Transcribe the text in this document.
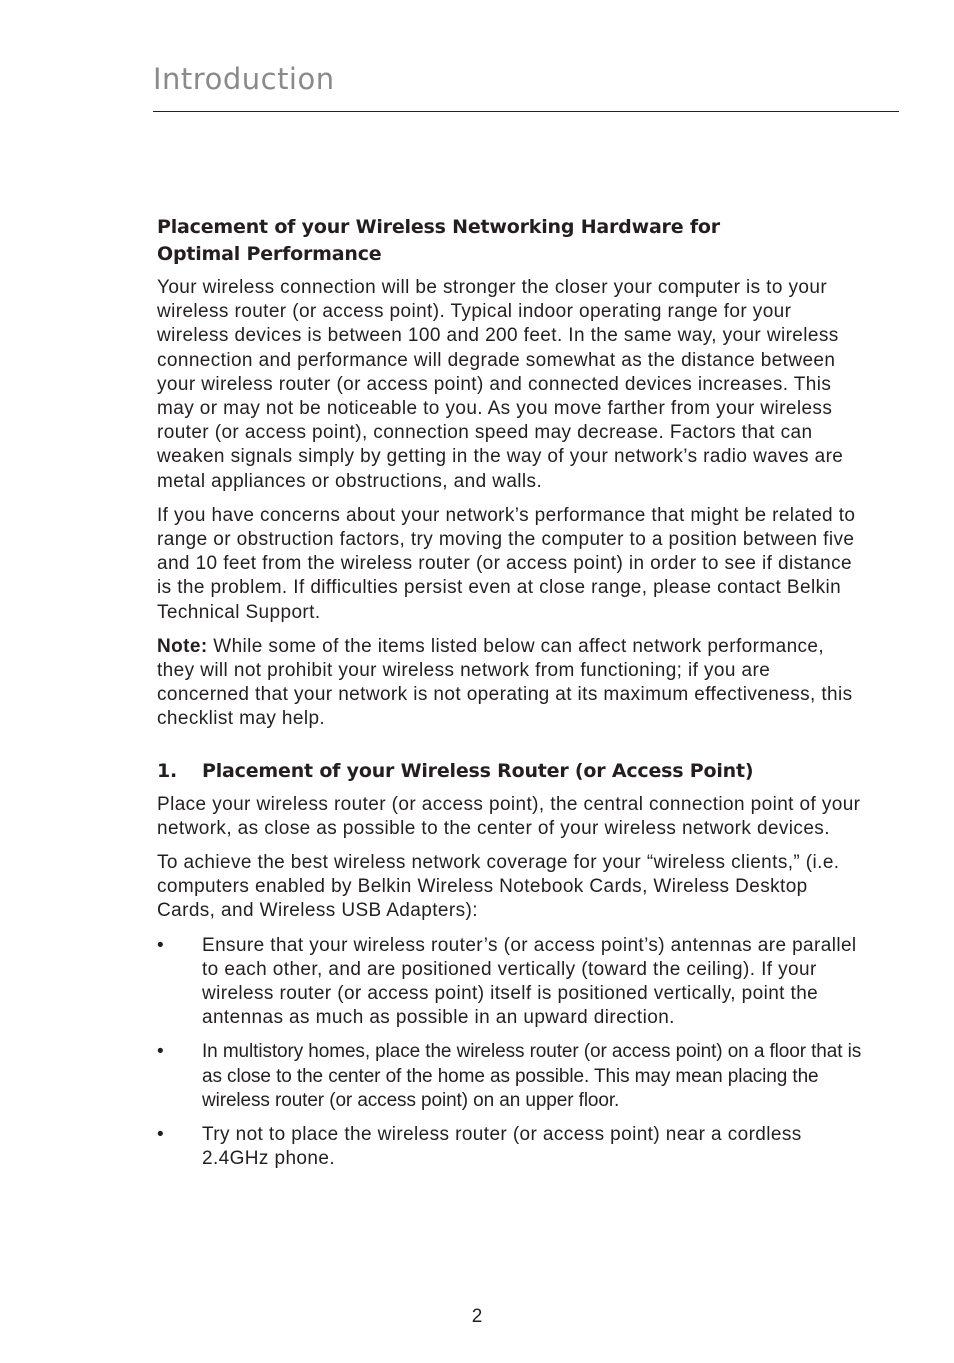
Introduction
Placement of your Wireless Networking Hardware for
Optimal Performance

Your wireless connection will be stronger the closer your computer is to your wireless router (or access point). Typical indoor operating range for your wireless devices is between 100 and 200 feet. In the same way, your wireless connection and performance will degrade somewhat as the distance between your wireless router (or access point) and connected devices increases. This may or may not be noticeable to you. As you move farther from your wireless router (or access point), connection speed may decrease. Factors that can weaken signals simply by getting in the way of your network’s radio waves are metal appliances or obstructions, and walls.

If you have concerns about your network’s performance that might be related to range or obstruction factors, try moving the computer to a position between five and 10 feet from the wireless router (or access point) in order to see if distance is the problem. If difficulties persist even at close range, please contact Belkin Technical Support.

Note: While some of the items listed below can affect network performance, they will not prohibit your wireless network from functioning; if you are concerned that your network is not operating at its maximum effectiveness, this checklist may help.

1.	Placement of your Wireless Router (or Access Point)

Place your wireless router (or access point), the central connection point of your network, as close as possible to the center of your wireless network devices.

To achieve the best wireless network coverage for your “wireless clients,” (i.e. computers enabled by Belkin Wireless Notebook Cards, Wireless Desktop Cards, and Wireless USB Adapters):

•	Ensure that your wireless router’s (or access point’s) antennas are parallel to each other, and are positioned vertically (toward the ceiling). If your wireless router (or access point) itself is positioned vertically, point the antennas as much as possible in an upward direction.
•	In multistory homes, place the wireless router (or access point) on a floor that is as close to the center of the home as possible. This may mean placing the wireless router (or access point) on an upper floor.
•	Try not to place the wireless router (or access point) near a cordless 2.4GHz phone.
2
